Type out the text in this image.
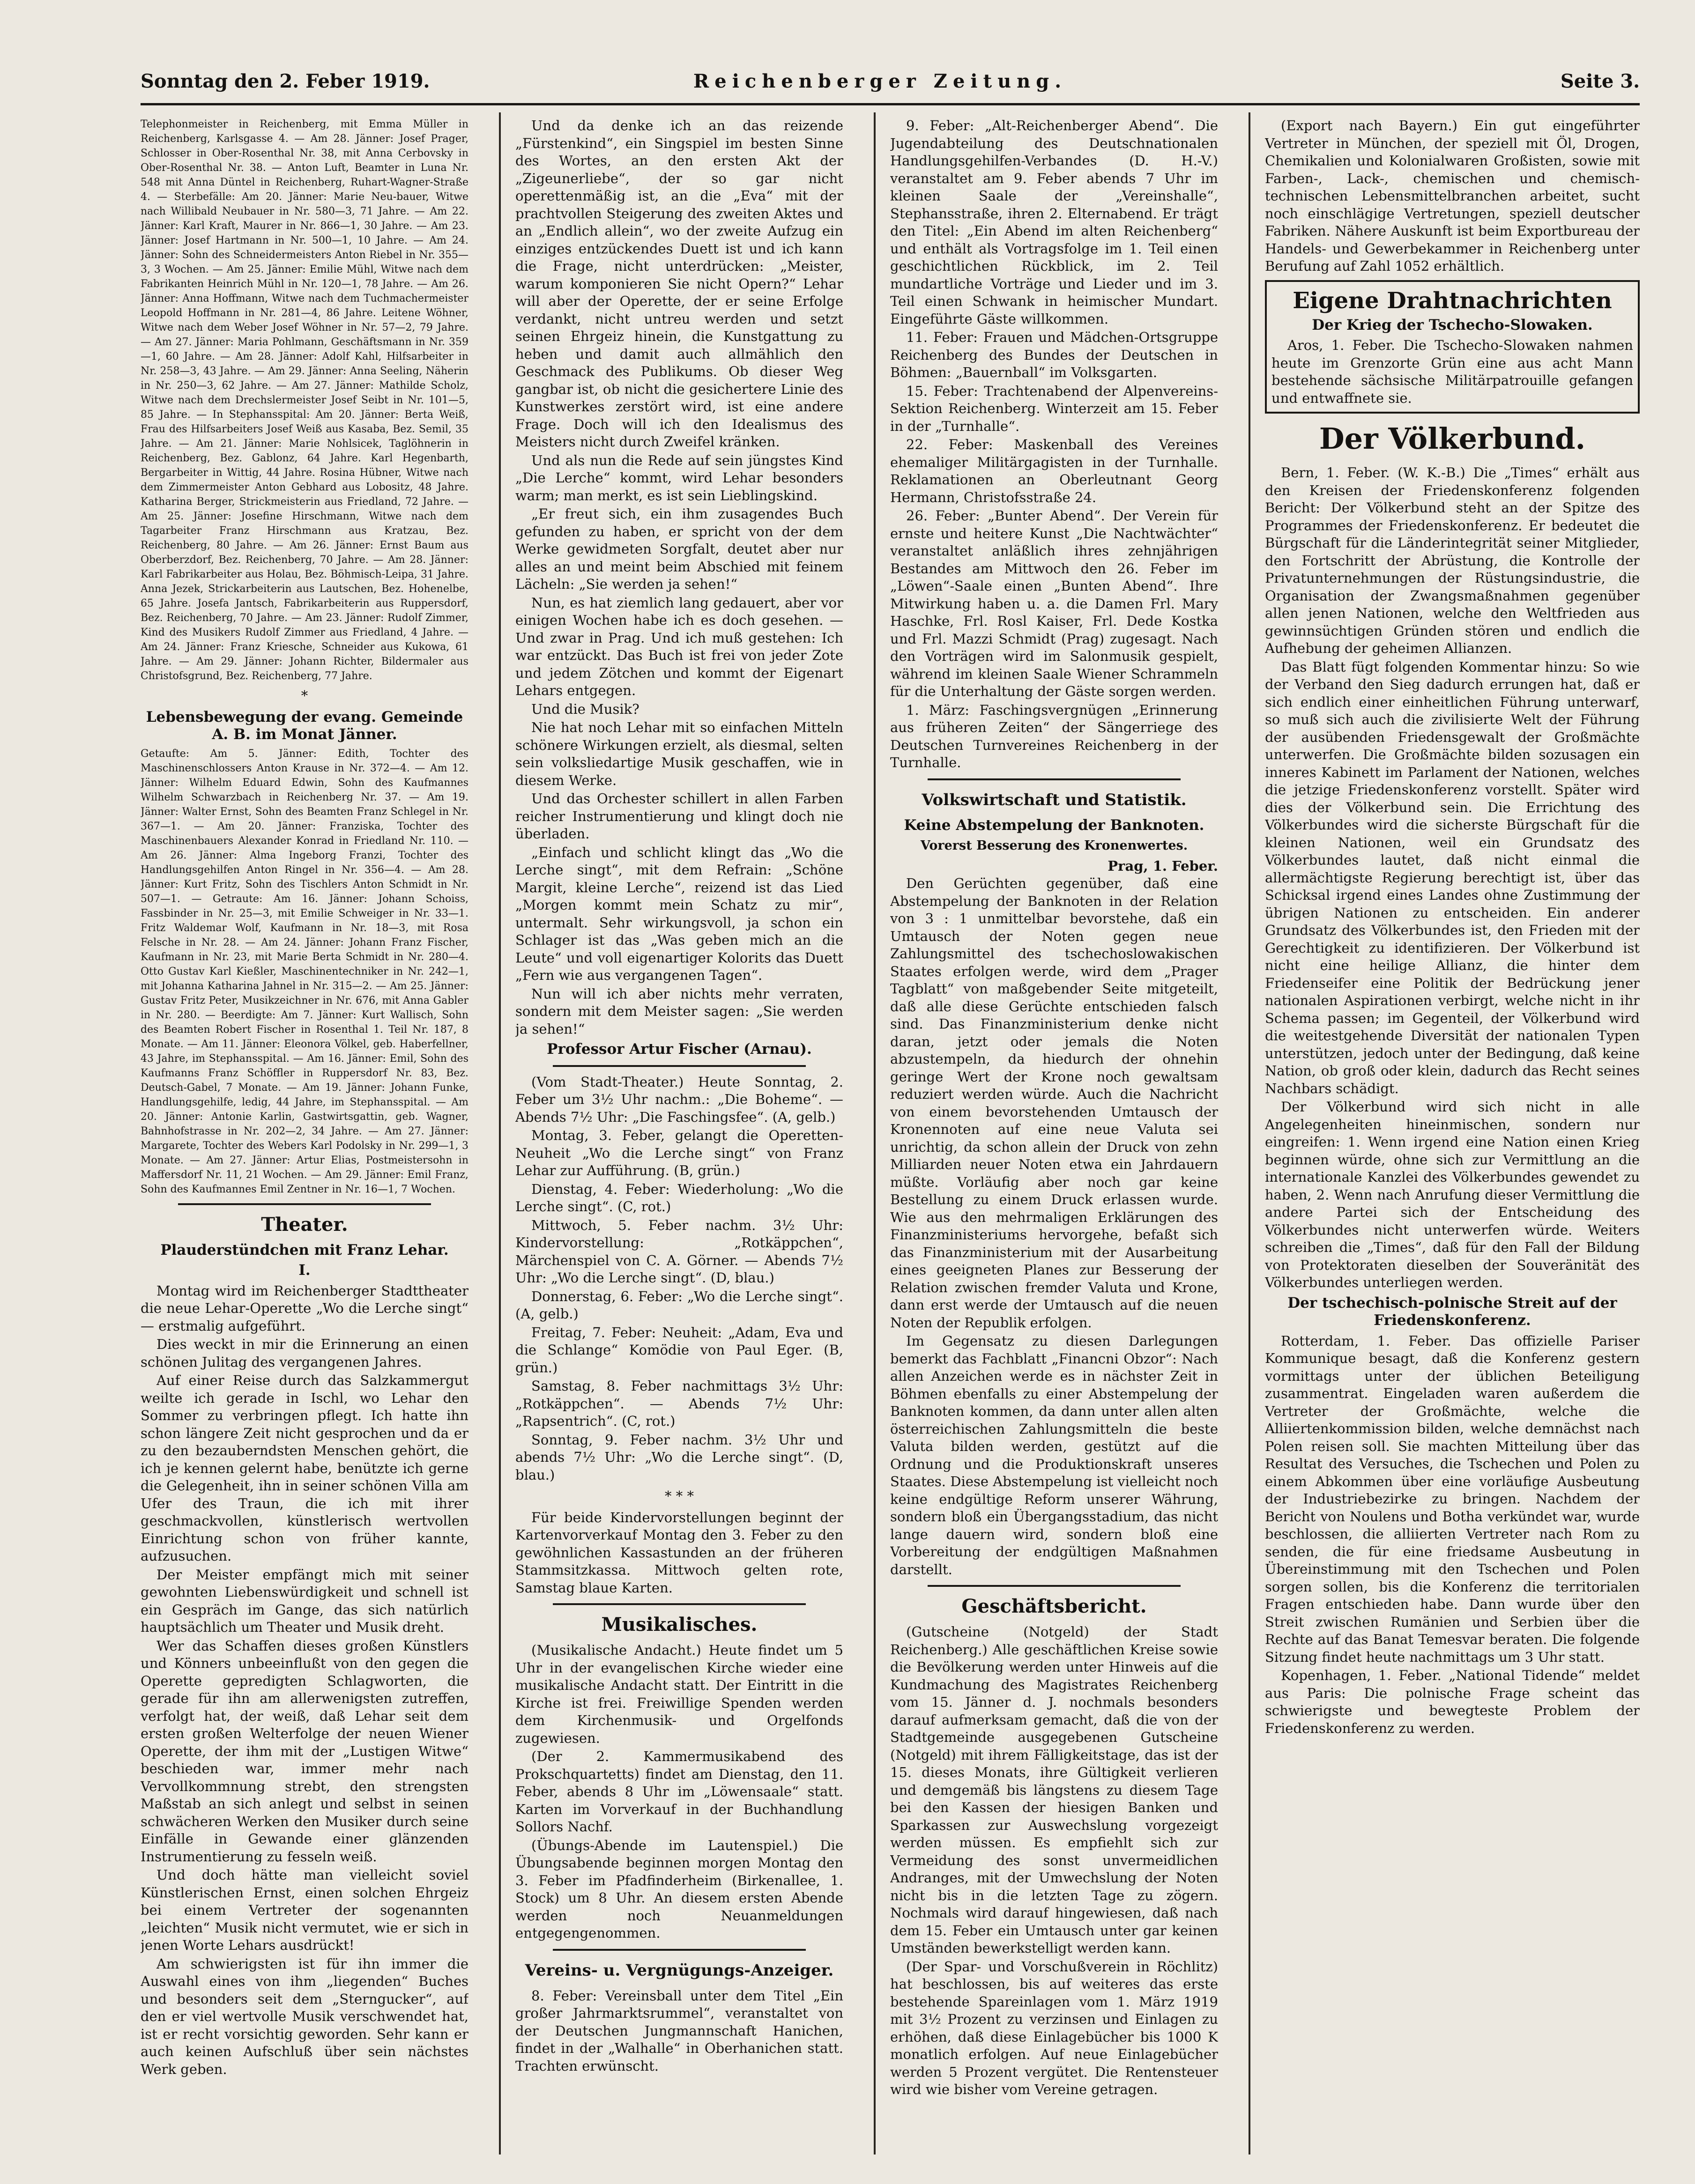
Sonntag den 2. Feber 1919.	Reichenberger Zeitung.	Seite 3.

Telephonmeister in Reichenberg, mit Emma Müller in Reichenberg, Karlsgasse 4. — Am 28. Jänner: Josef Prager, Schlosser in Ober-Rosenthal Nr. 38, mit Anna Cerbovsky in Ober-Rosenthal Nr. 38. — Anton Luft, Beamter in Luna Nr. 548 mit Anna Düntel in Reichenberg, Ruhart-Wagner-Straße 4. — Sterbefälle: Am 20. Jänner: Marie Neu-bauer, Witwe nach Willibald Neubauer in Nr. 580—3, 71 Jahre. — Am 22. Jänner: Karl Kraft, Maurer in Nr. 866—1, 30 Jahre. — Am 23. Jänner: Josef Hartmann in Nr. 500—1, 10 Jahre. — Am 24. Jänner: Sohn des Schneidermeisters Anton Riebel in Nr. 355—3, 3 Wochen. — Am 25. Jänner: Emilie Mühl, Witwe nach dem Fabrikanten Heinrich Mühl in Nr. 120—1, 78 Jahre. — Am 26. Jänner: Anna Hoffmann, Witwe nach dem Tuchmachermeister Leopold Hoffmann in Nr. 281—4, 86 Jahre. Leitene Wöhner, Witwe nach dem Weber Josef Wöhner in Nr. 57—2, 79 Jahre. — Am 27. Jänner: Maria Pohlmann, Geschäftsmann in Nr. 359—1, 60 Jahre. — Am 28. Jänner: Adolf Kahl, Hilfsarbeiter in Nr. 258—3, 43 Jahre. — Am 29. Jänner: Anna Seeling, Näherin in Nr. 250—3, 62 Jahre. — Am 27. Jänner: Mathilde Scholz, Witwe nach dem Drechslermeister Josef Seibt in Nr. 101—5, 85 Jahre. — In Stephansspital: Am 20. Jänner: Berta Weiß, Frau des Hilfsarbeiters Josef Weiß aus Kasaba, Bez. Semil, 35 Jahre. — Am 21. Jänner: Marie Nohlsicek, Taglöhnerin in Reichenberg, Bez. Gablonz, 64 Jahre. Karl Hegenbarth, Bergarbeiter in Wittig, 44 Jahre. Rosina Hübner, Witwe nach dem Zimmermeister Anton Gebhard aus Lobositz, 48 Jahre. Katharina Berger, Strickmeisterin aus Friedland, 72 Jahre. — Am 25. Jänner: Josefine Hirschmann, Witwe nach dem Tagarbeiter Franz Hirschmann aus Kratzau, Bez. Reichenberg, 80 Jahre. — Am 26. Jänner: Ernst Baum aus Oberberzdorf, Bez. Reichenberg, 70 Jahre. — Am 28. Jänner: Karl Fabrikarbeiter aus Holau, Bez. Böhmisch-Leipa, 31 Jahre. Anna Jezek, Strickarbeiterin aus Lautschen, Bez. Hohenelbe, 65 Jahre. Josefa Jantsch, Fabrikarbeiterin aus Ruppersdorf, Bez. Reichenberg, 70 Jahre. — Am 23. Jänner: Rudolf Zimmer, Kind des Musikers Rudolf Zimmer aus Friedland, 4 Jahre. — Am 24. Jänner: Franz Kriesche, Schneider aus Kukowa, 61 Jahre. — Am 29. Jänner: Johann Richter, Bildermaler aus Christofsgrund, Bez. Reichenberg, 77 Jahre.

*
Lebensbewegung der evang. Gemeinde A. B. im Monat Jänner.

Getaufte: Am 5. Jänner: Edith, Tochter des Maschinenschlossers Anton Krause in Nr. 372—4. — Am 12. Jänner: Wilhelm Eduard Edwin, Sohn des Kaufmannes Wilhelm Schwarzbach in Reichenberg Nr. 37. — Am 19. Jänner: Walter Ernst, Sohn des Beamten Franz Schlegel in Nr. 367—1. — Am 20. Jänner: Franziska, Tochter des Maschinenbauers Alexander Konrad in Friedland Nr. 110. — Am 26. Jänner: Alma Ingeborg Franzi, Tochter des Handlungsgehilfen Anton Ringel in Nr. 356—4. — Am 28. Jänner: Kurt Fritz, Sohn des Tischlers Anton Schmidt in Nr. 507—1. — Getraute: Am 16. Jänner: Johann Schoiss, Fassbinder in Nr. 25—3, mit Emilie Schweiger in Nr. 33—1. Fritz Waldemar Wolf, Kaufmann in Nr. 18—3, mit Rosa Felsche in Nr. 28. — Am 24. Jänner: Johann Franz Fischer, Kaufmann in Nr. 23, mit Marie Berta Schmidt in Nr. 280—4. Otto Gustav Karl Kießler, Maschinentechniker in Nr. 242—1, mit Johanna Katharina Jahnel in Nr. 315—2. — Am 25. Jänner: Gustav Fritz Peter, Musikzeichner in Nr. 676, mit Anna Gabler in Nr. 280. — Beerdigte: Am 7. Jänner: Kurt Wallisch, Sohn des Beamten Robert Fischer in Rosenthal 1. Teil Nr. 187, 8 Monate. — Am 11. Jänner: Eleonora Völkel, geb. Haberfellner, 43 Jahre, im Stephansspital. — Am 16. Jänner: Emil, Sohn des Kaufmanns Franz Schöffler in Ruppersdorf Nr. 83, Bez. Deutsch-Gabel, 7 Monate. — Am 19. Jänner: Johann Funke, Handlungsgehilfe, ledig, 44 Jahre, im Stephansspital. — Am 20. Jänner: Antonie Karlin, Gastwirtsgattin, geb. Wagner, Bahnhofstrasse in Nr. 202—2, 34 Jahre. — Am 27. Jänner: Margarete, Tochter des Webers Karl Podolsky in Nr. 299—1, 3 Monate. — Am 27. Jänner: Artur Elias, Postmeistersohn in Maffersdorf Nr. 11, 21 Wochen. — Am 29. Jänner: Emil Franz, Sohn des Kaufmannes Emil Zentner in Nr. 16—1, 7 Wochen.

Theater.
Plauderstündchen mit Franz Lehar.
I.

Montag wird im Reichenberger Stadttheater die neue Lehar-Operette „Wo die Lerche singt“ — erstmalig aufgeführt.

Dies weckt in mir die Erinnerung an einen schönen Julitag des vergangenen Jahres.

Auf einer Reise durch das Salzkammergut weilte ich gerade in Ischl, wo Lehar den Sommer zu verbringen pflegt. Ich hatte ihn schon längere Zeit nicht gesprochen und da er zu den bezauberndsten Menschen gehört, die ich je kennen gelernt habe, benützte ich gerne die Gelegenheit, ihn in seiner schönen Villa am Ufer des Traun, die ich mit ihrer geschmackvollen, künstlerisch wertvollen Einrichtung schon von früher kannte, aufzusuchen.

Der Meister empfängt mich mit seiner gewohnten Liebenswürdigkeit und schnell ist ein Gespräch im Gange, das sich natürlich hauptsächlich um Theater und Musik dreht.

Wer das Schaffen dieses großen Künstlers und Könners unbeeinflußt von den gegen die Operette gepredigten Schlagworten, die gerade für ihn am allerwenigsten zutreffen, verfolgt hat, der weiß, daß Lehar seit dem ersten großen Welterfolge der neuen Wiener Operette, der ihm mit der „Lustigen Witwe“ beschieden war, immer mehr nach Vervollkommnung strebt, den strengsten Maßstab an sich anlegt und selbst in seinen schwächeren Werken den Musiker durch seine Einfälle in Gewande einer glänzenden Instrumentierung zu fesseln weiß.

Und doch hätte man vielleicht soviel Künstlerischen Ernst, einen solchen Ehrgeiz bei einem Vertreter der sogenannten „leichten“ Musik nicht vermutet, wie er sich in jenen Worte Lehars ausdrückt!

Am schwierigsten ist für ihn immer die Auswahl eines von ihm „liegenden“ Buches und besonders seit dem „Sterngucker“, auf den er viel wertvolle Musik verschwendet hat, ist er recht vorsichtig geworden. Sehr kann er auch keinen Aufschluß über sein nächstes Werk geben.

Und da denke ich an das reizende „Fürstenkind“, ein Singspiel im besten Sinne des Wortes, an den ersten Akt der „Zigeunerliebe“, der so gar nicht operettenmäßig ist, an die „Eva“ mit der prachtvollen Steigerung des zweiten Aktes und an „Endlich allein“, wo der zweite Aufzug ein einziges entzückendes Duett ist und ich kann die Frage, nicht unterdrücken: „Meister, warum komponieren Sie nicht Opern?“ Lehar will aber der Operette, der er seine Erfolge verdankt, nicht untreu werden und setzt seinen Ehrgeiz hinein, die Kunstgattung zu heben und damit auch allmählich den Geschmack des Publikums. Ob dieser Weg gangbar ist, ob nicht die gesichertere Linie des Kunstwerkes zerstört wird, ist eine andere Frage. Doch will ich den Idealismus des Meisters nicht durch Zweifel kränken.

Und als nun die Rede auf sein jüngstes Kind „Die Lerche“ kommt, wird Lehar besonders warm; man merkt, es ist sein Lieblingskind.

„Er freut sich, ein ihm zusagendes Buch gefunden zu haben, er spricht von der dem Werke gewidmeten Sorgfalt, deutet aber nur alles an und meint beim Abschied mit feinem Lächeln: „Sie werden ja sehen!“

Nun, es hat ziemlich lang gedauert, aber vor einigen Wochen habe ich es doch gesehen. — Und zwar in Prag. Und ich muß gestehen: Ich war entzückt. Das Buch ist frei von jeder Zote und jedem Zötchen und kommt der Eigenart Lehars entgegen.

Und die Musik?

Nie hat noch Lehar mit so einfachen Mitteln schönere Wirkungen erzielt, als diesmal, selten sein volksliedartige Musik geschaffen, wie in diesem Werke.

Und das Orchester schillert in allen Farben reicher Instrumentierung und klingt doch nie überladen.

„Einfach und schlicht klingt das „Wo die Lerche singt“, mit dem Refrain: „Schöne Margit, kleine Lerche“, reizend ist das Lied „Morgen kommt mein Schatz zu mir“, untermalt. Sehr wirkungsvoll, ja schon ein Schlager ist das „Was geben mich an die Leute“ und voll eigenartiger Kolorits das Duett „Fern wie aus vergangenen Tagen“.

Nun will ich aber nichts mehr verraten, sondern mit dem Meister sagen: „Sie werden ja sehen!“

Professor Artur Fischer (Arnau).

(Vom Stadt-Theater.) Heute Sonntag, 2. Feber um 3½ Uhr nachm.: „Die Boheme“. — Abends 7½ Uhr: „Die Faschingsfee“. (A, gelb.)

Montag, 3. Feber, gelangt die Operetten-Neuheit „Wo die Lerche singt“ von Franz Lehar zur Aufführung. (B, grün.)

Dienstag, 4. Feber: Wiederholung: „Wo die Lerche singt“. (C, rot.)

Mittwoch, 5. Feber nachm. 3½ Uhr: Kindervorstellung: „Rotkäppchen“, Märchenspiel von C. A. Görner. — Abends 7½ Uhr: „Wo die Lerche singt“. (D, blau.)

Donnerstag, 6. Feber: „Wo die Lerche singt“. (A, gelb.)

Freitag, 7. Feber: Neuheit: „Adam, Eva und die Schlange“ Komödie von Paul Eger. (B, grün.)

Samstag, 8. Feber nachmittags 3½ Uhr: „Rotkäppchen“. — Abends 7½ Uhr: „Rapsentrich“. (C, rot.)

Sonntag, 9. Feber nachm. 3½ Uhr und abends 7½ Uhr: „Wo die Lerche singt“. (D, blau.)

* * *

Für beide Kindervorstellungen beginnt der Kartenvorverkauf Montag den 3. Feber zu den gewöhnlichen Kassastunden an der früheren Stammsitzkassa. Mittwoch gelten rote, Samstag blaue Karten.

Musikalisches.

(Musikalische Andacht.) Heute findet um 5 Uhr in der evangelischen Kirche wieder eine musikalische Andacht statt. Der Eintritt in die Kirche ist frei. Freiwillige Spenden werden dem Kirchenmusik- und Orgelfonds zugewiesen.

(Der 2. Kammermusikabend des Prokschquartetts) findet am Dienstag, den 11. Feber, abends 8 Uhr im „Löwensaale“ statt. Karten im Vorverkauf in der Buchhandlung Sollors Nachf.

(Übungs-Abende im Lautenspiel.) Die Übungsabende beginnen morgen Montag den 3. Feber im Pfadfinderheim (Birkenallee, 1. Stock) um 8 Uhr. An diesem ersten Abende werden noch Neuanmeldungen entgegengenommen.

Vereins- u. Vergnügungs-Anzeiger.

8. Feber: Vereinsball unter dem Titel „Ein großer Jahrmarktsrummel“, veranstaltet von der Deutschen Jungmannschaft Hanichen, findet in der „Walhalle“ in Oberhanichen statt. Trachten erwünscht.

9. Feber: „Alt-Reichenberger Abend“. Die Jugendabteilung des Deutschnationalen Handlungsgehilfen-Verbandes (D. H.-V.) veranstaltet am 9. Feber abends 7 Uhr im kleinen Saale der „Vereinshalle“, Stephansstraße, ihren 2. Elternabend. Er trägt den Titel: „Ein Abend im alten Reichenberg“ und enthält als Vortragsfolge im 1. Teil einen geschichtlichen Rückblick, im 2. Teil mundartliche Vorträge und Lieder und im 3. Teil einen Schwank in heimischer Mundart. Eingeführte Gäste willkommen.

11. Feber: Frauen und Mädchen-Ortsgruppe Reichenberg des Bundes der Deutschen in Böhmen: „Bauernball“ im Volksgarten.

15. Feber: Trachtenabend der Alpenvereins-Sektion Reichenberg. Winterzeit am 15. Feber in der „Turnhalle“.

22. Feber: Maskenball des Vereines ehemaliger Militärgagisten in der Turnhalle. Reklamationen an Oberleutnant Georg Hermann, Christofsstraße 24.

26. Feber: „Bunter Abend“. Der Verein für ernste und heitere Kunst „Die Nachtwächter“ veranstaltet anläßlich ihres zehnjährigen Bestandes am Mittwoch den 26. Feber im „Löwen“-Saale einen „Bunten Abend“. Ihre Mitwirkung haben u. a. die Damen Frl. Mary Haschke, Frl. Rosl Kaiser, Frl. Dede Kostka und Frl. Mazzi Schmidt (Prag) zugesagt. Nach den Vorträgen wird im Salonmusik gespielt, während im kleinen Saale Wiener Schrammeln für die Unterhaltung der Gäste sorgen werden.

1. März: Faschingsvergnügen „Erinnerung aus früheren Zeiten“ der Sängerriege des Deutschen Turnvereines Reichenberg in der Turnhalle.

Volkswirtschaft und Statistik.
Keine Abstempelung der Banknoten.
Vorerst Besserung des Kronenwertes.
Prag, 1. Feber.

Den Gerüchten gegenüber, daß eine Abstempelung der Banknoten in der Relation von 3 : 1 unmittelbar bevorstehe, daß ein Umtausch der Noten gegen neue Zahlungsmittel des tschechoslowakischen Staates erfolgen werde, wird dem „Prager Tagblatt“ von maßgebender Seite mitgeteilt, daß alle diese Gerüchte entschieden falsch sind. Das Finanzministerium denke nicht daran, jetzt oder jemals die Noten abzustempeln, da hiedurch der ohnehin geringe Wert der Krone noch gewaltsam reduziert werden würde. Auch die Nachricht von einem bevorstehenden Umtausch der Kronennoten auf eine neue Valuta sei unrichtig, da schon allein der Druck von zehn Milliarden neuer Noten etwa ein Jahrdauern müßte. Vorläufig aber noch gar keine Bestellung zu einem Druck erlassen wurde. Wie aus den mehrmaligen Erklärungen des Finanzministeriums hervorgehe, befaßt sich das Finanzministerium mit der Ausarbeitung eines geeigneten Planes zur Besserung der Relation zwischen fremder Valuta und Krone, dann erst werde der Umtausch auf die neuen Noten der Republik erfolgen.

Im Gegensatz zu diesen Darlegungen bemerkt das Fachblatt „Financni Obzor“: Nach allen Anzeichen werde es in nächster Zeit in Böhmen ebenfalls zu einer Abstempelung der Banknoten kommen, da dann unter allen alten österreichischen Zahlungsmitteln die beste Valuta bilden werden, gestützt auf die Ordnung und die Produktionskraft unseres Staates. Diese Abstempelung ist vielleicht noch keine endgültige Reform unserer Währung, sondern bloß ein Übergangsstadium, das nicht lange dauern wird, sondern bloß eine Vorbereitung der endgültigen Maßnahmen darstellt.

Geschäftsbericht.

(Gutscheine (Notgeld) der Stadt Reichenberg.) Alle geschäftlichen Kreise sowie die Bevölkerung werden unter Hinweis auf die Kundmachung des Magistrates Reichenberg vom 15. Jänner d. J. nochmals besonders darauf aufmerksam gemacht, daß die von der Stadtgemeinde ausgegebenen Gutscheine (Notgeld) mit ihrem Fälligkeitstage, das ist der 15. dieses Monats, ihre Gültigkeit verlieren und demgemäß bis längstens zu diesem Tage bei den Kassen der hiesigen Banken und Sparkassen zur Auswechslung vorgezeigt werden müssen. Es empfiehlt sich zur Vermeidung des sonst unvermeidlichen Andranges, mit der Umwechslung der Noten nicht bis in die letzten Tage zu zögern. Nochmals wird darauf hingewiesen, daß nach dem 15. Feber ein Umtausch unter gar keinen Umständen bewerkstelligt werden kann.

(Der Spar- und Vorschußverein in Röchlitz) hat beschlossen, bis auf weiteres das erste bestehende Spareinlagen vom 1. März 1919 mit 3½ Prozent zu verzinsen und Einlagen zu erhöhen, daß diese Einlagebücher bis 1000 K monatlich erfolgen. Auf neue Einlagebücher werden 5 Prozent vergütet. Die Rentensteuer wird wie bisher vom Vereine getragen.

(Export nach Bayern.) Ein gut eingeführter Vertreter in München, der speziell mit Öl, Drogen, Chemikalien und Kolonialwaren Großisten, sowie mit Farben-, Lack-, chemischen und chemisch-technischen Lebensmittelbranchen arbeitet, sucht noch einschlägige Vertretungen, speziell deutscher Fabriken. Nähere Auskunft ist beim Exportbureau der Handels- und Gewerbekammer in Reichenberg unter Berufung auf Zahl 1052 erhältlich.

Eigene Drahtnachrichten
Der Krieg der Tschecho-Slowaken.

Aros, 1. Feber. Die Tschecho-Slowaken nahmen heute im Grenzorte Grün eine aus acht Mann bestehende sächsische Militärpatrouille gefangen und entwaffnete sie.

Der Völkerbund.

Bern, 1. Feber. (W. K.-B.) Die „Times“ erhält aus den Kreisen der Friedenskonferenz folgenden Bericht: Der Völkerbund steht an der Spitze des Programmes der Friedenskonferenz. Er bedeutet die Bürgschaft für die Länderintegrität seiner Mitglieder, den Fortschritt der Abrüstung, die Kontrolle der Privatunternehmungen der Rüstungsindustrie, die Organisation der Zwangsmaßnahmen gegenüber allen jenen Nationen, welche den Weltfrieden aus gewinnsüchtigen Gründen stören und endlich die Aufhebung der geheimen Allianzen.

Das Blatt fügt folgenden Kommentar hinzu: So wie der Verband den Sieg dadurch errungen hat, daß er sich endlich einer einheitlichen Führung unterwarf, so muß sich auch die zivilisierte Welt der Führung der ausübenden Friedensgewalt der Großmächte unterwerfen. Die Großmächte bilden sozusagen ein inneres Kabinett im Parlament der Nationen, welches die jetzige Friedenskonferenz vorstellt. Später wird dies der Völkerbund sein. Die Errichtung des Völkerbundes wird die sicherste Bürgschaft für die kleinen Nationen, weil ein Grundsatz des Völkerbundes lautet, daß nicht einmal die allermächtigste Regierung berechtigt ist, über das Schicksal irgend eines Landes ohne Zustimmung der übrigen Nationen zu entscheiden. Ein anderer Grundsatz des Völkerbundes ist, den Frieden mit der Gerechtigkeit zu identifizieren. Der Völkerbund ist nicht eine heilige Allianz, die hinter dem Friedenseifer eine Politik der Bedrückung jener nationalen Aspirationen verbirgt, welche nicht in ihr Schema passen; im Gegenteil, der Völkerbund wird die weitestgehende Diversität der nationalen Typen unterstützen, jedoch unter der Bedingung, daß keine Nation, ob groß oder klein, dadurch das Recht seines Nachbars schädigt.

Der Völkerbund wird sich nicht in alle Angelegenheiten hineinmischen, sondern nur eingreifen: 1. Wenn irgend eine Nation einen Krieg beginnen würde, ohne sich zur Vermittlung an die internationale Kanzlei des Völkerbundes gewendet zu haben, 2. Wenn nach Anrufung dieser Vermittlung die andere Partei sich der Entscheidung des Völkerbundes nicht unterwerfen würde. Weiters schreiben die „Times“, daß für den Fall der Bildung von Protektoraten dieselben der Souveränität des Völkerbundes unterliegen werden.

Der tschechisch-polnische Streit auf der Friedenskonferenz.

Rotterdam, 1. Feber. Das offizielle Pariser Kommunique besagt, daß die Konferenz gestern vormittags unter der üblichen Beteiligung zusammentrat. Eingeladen waren außerdem die Vertreter der Großmächte, welche die Alliiertenkommission bilden, welche demnächst nach Polen reisen soll. Sie machten Mitteilung über das Resultat des Versuches, die Tschechen und Polen zu einem Abkommen über eine vorläufige Ausbeutung der Industriebezirke zu bringen. Nachdem der Bericht von Noulens und Botha verkündet war, wurde beschlossen, die alliierten Vertreter nach Rom zu senden, die für eine friedsame Ausbeutung in Übereinstimmung mit den Tschechen und Polen sorgen sollen, bis die Konferenz die territorialen Fragen entschieden habe. Dann wurde über den Streit zwischen Rumänien und Serbien über die Rechte auf das Banat Temesvar beraten. Die folgende Sitzung findet heute nachmittags um 3 Uhr statt.

Kopenhagen, 1. Feber. „National Tidende“ meldet aus Paris: Die polnische Frage scheint das schwierigste und bewegteste Problem der Friedenskonferenz zu werden.
